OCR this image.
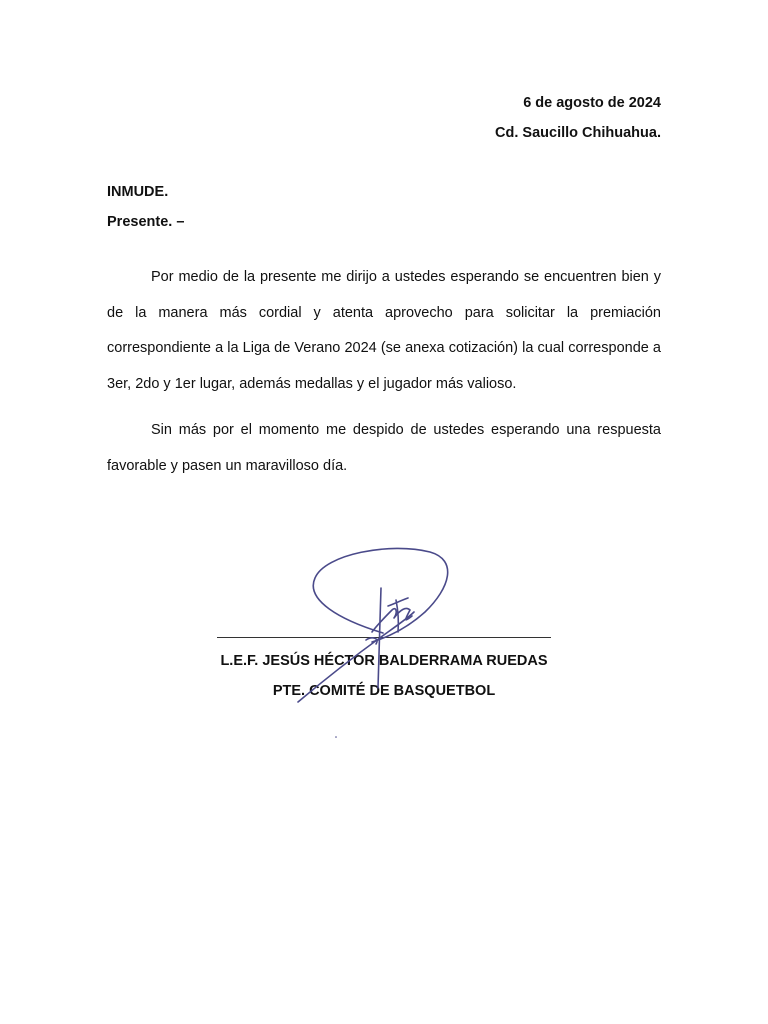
6 de agosto de 2024
Cd. Saucillo Chihuahua.
INMUDE.
Presente. –

Por medio de la presente me dirijo a ustedes esperando se encuentren bien y de la manera más cordial y atenta aprovecho para solicitar la premiación correspondiente a la Liga de Verano 2024 (se anexa cotización) la cual corresponde a 3er, 2do y 1er lugar, además medallas y el jugador más valioso.

Sin más por el momento me despido de ustedes esperando una respuesta favorable y pasen un maravilloso día.

L.E.F. JESÚS HÉCTOR BALDERRAMA RUEDAS
PTE. COMITÉ DE BASQUETBOL
